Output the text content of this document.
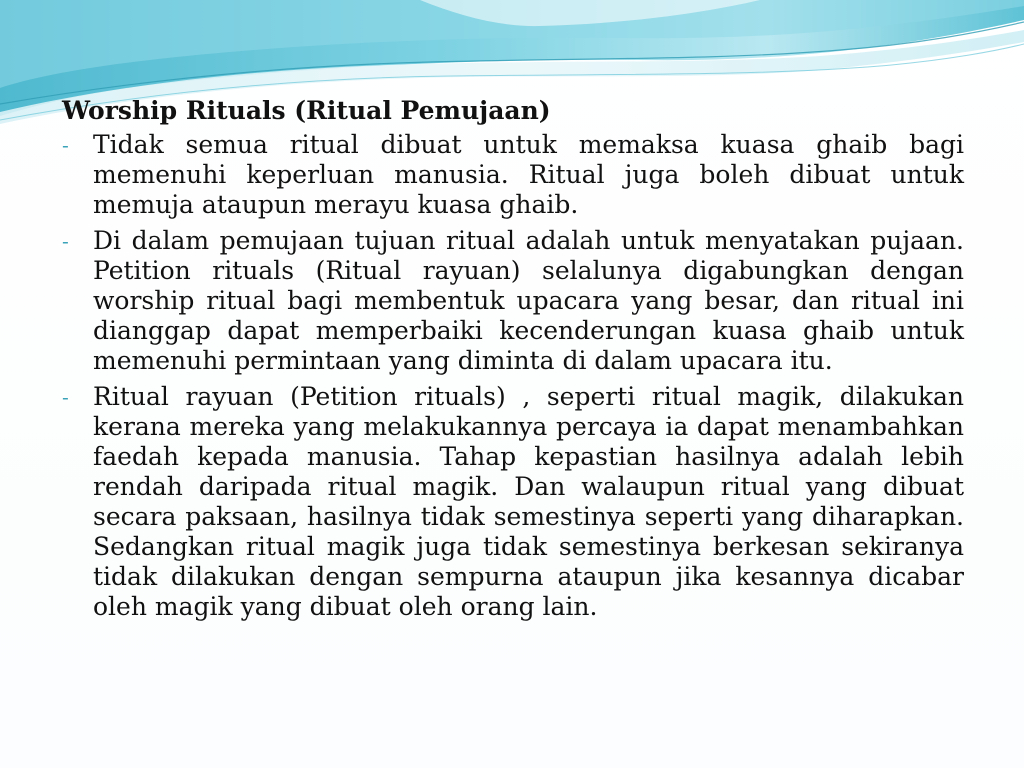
Worship Rituals (Ritual Pemujaan)
- Tidak semua ritual dibuat untuk memaksa kuasa ghaib bagi memenuhi keperluan manusia. Ritual juga boleh dibuat untuk memuja ataupun merayu kuasa ghaib.
- Di dalam pemujaan tujuan ritual adalah untuk menyatakan pujaan. Petition rituals (Ritual rayuan) selalunya digabungkan dengan worship ritual bagi membentuk upacara yang besar, dan ritual ini dianggap dapat memperbaiki kecenderungan kuasa ghaib untuk memenuhi permintaan yang diminta di dalam upacara itu.
- Ritual rayuan (Petition rituals) , seperti ritual magik, dilakukan kerana mereka yang melakukannya percaya ia dapat menambahkan faedah kepada manusia. Tahap kepastian hasilnya adalah lebih rendah daripada ritual magik. Dan walaupun ritual yang dibuat secara paksaan, hasilnya tidak semestinya seperti yang diharapkan. Sedangkan ritual magik juga tidak semestinya berkesan sekiranya tidak dilakukan dengan sempurna ataupun jika kesannya dicabar oleh magik yang dibuat oleh orang lain.
